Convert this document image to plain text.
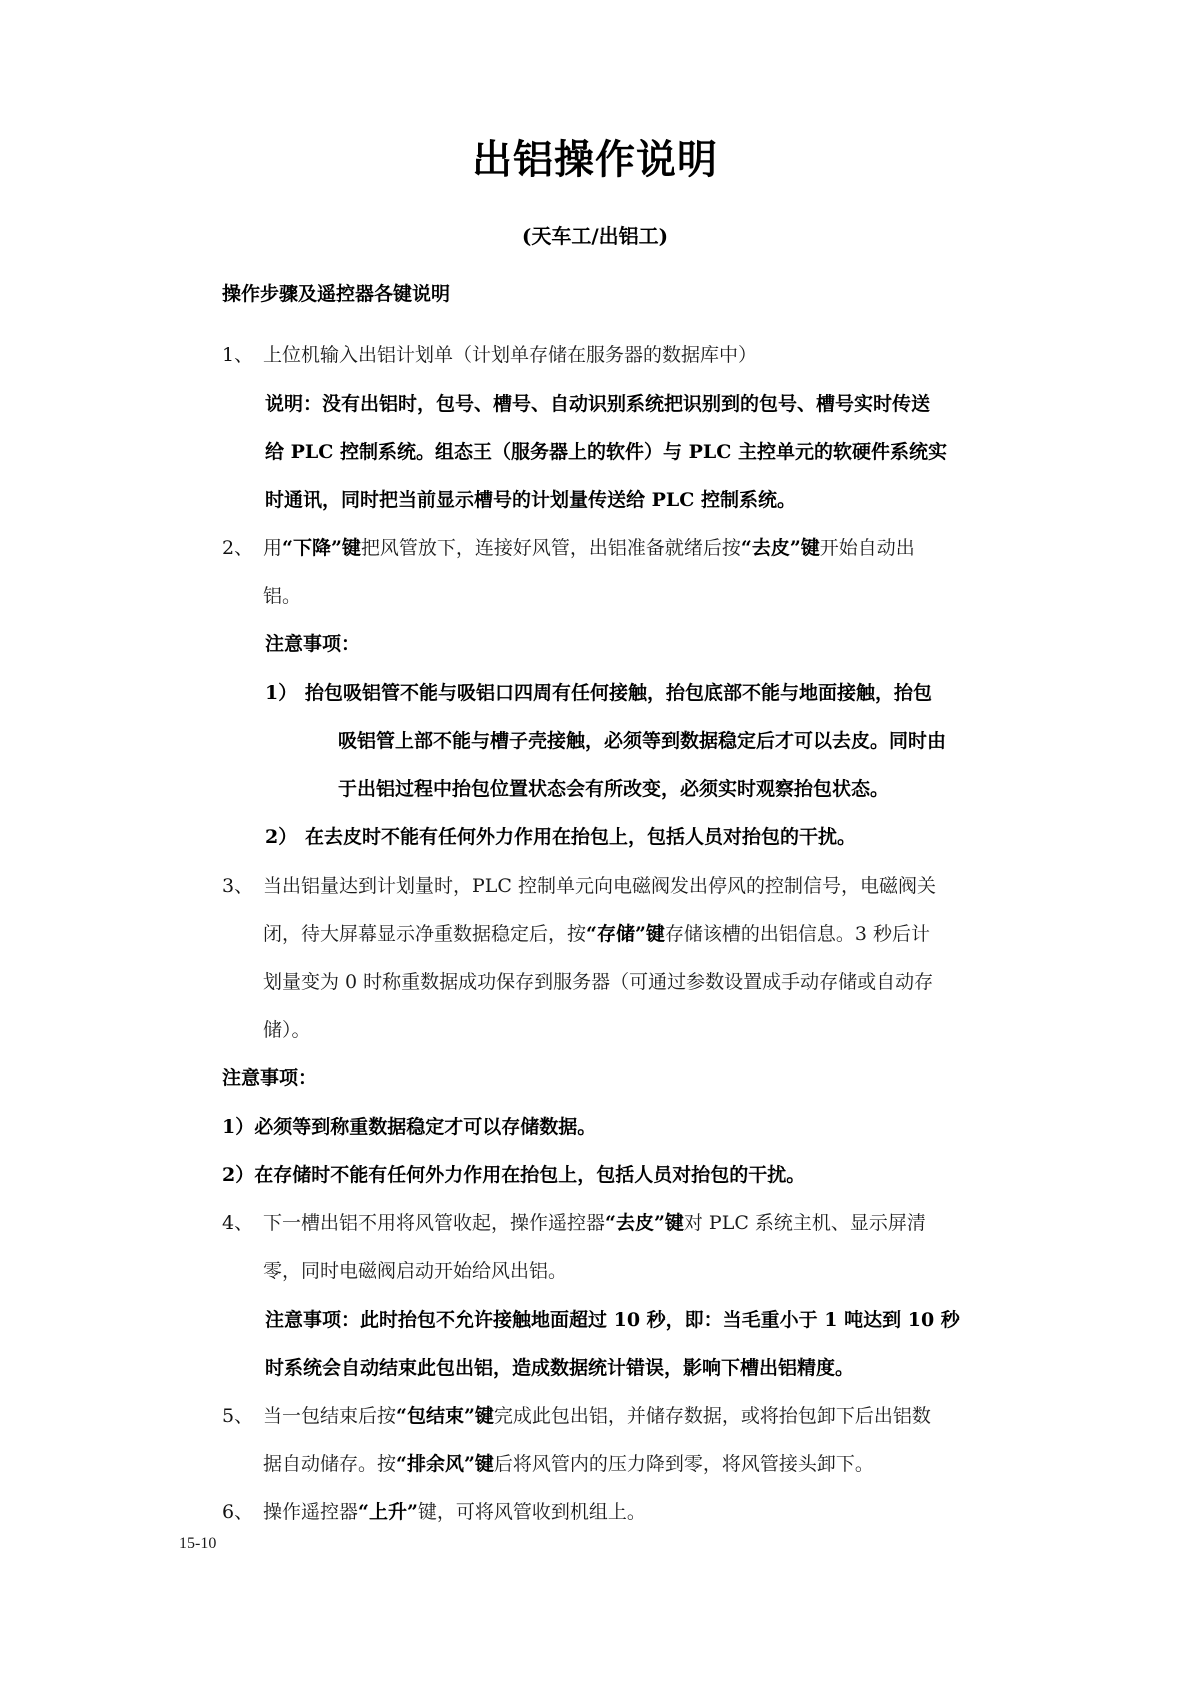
出铝操作说明
(天车工/出铝工)
操作步骤及遥控器各键说明
1、 上位机输入出铝计划单（计划单存储在服务器的数据库中）
说明：没有出铝时，包号、槽号、自动识别系统把识别到的包号、槽号实时传送
给 PLC 控制系统。组态王（服务器上的软件）与 PLC 主控单元的软硬件系统实
时通讯，同时把当前显示槽号的计划量传送给 PLC 控制系统。
2、 用“下降”键把风管放下，连接好风管，出铝准备就绪后按“去皮”键开始自动出
铝。
注意事项：
1） 抬包吸铝管不能与吸铝口四周有任何接触，抬包底部不能与地面接触，抬包
吸铝管上部不能与槽子壳接触，必须等到数据稳定后才可以去皮。同时由
于出铝过程中抬包位置状态会有所改变，必须实时观察抬包状态。
2） 在去皮时不能有任何外力作用在抬包上，包括人员对抬包的干扰。
3、 当出铝量达到计划量时，PLC 控制单元向电磁阀发出停风的控制信号，电磁阀关
闭，待大屏幕显示净重数据稳定后，按“存储”键存储该槽的出铝信息。3 秒后计
划量变为 0 时称重数据成功保存到服务器（可通过参数设置成手动存储或自动存
储）。
注意事项：
1）必须等到称重数据稳定才可以存储数据。
2）在存储时不能有任何外力作用在抬包上，包括人员对抬包的干扰。
4、 下一槽出铝不用将风管收起，操作遥控器“去皮”键对 PLC 系统主机、显示屏清
零，同时电磁阀启动开始给风出铝。
注意事项：此时抬包不允许接触地面超过 10 秒，即：当毛重小于 1 吨达到 10 秒
时系统会自动结束此包出铝，造成数据统计错误，影响下槽出铝精度。
5、 当一包结束后按“包结束”键完成此包出铝，并储存数据，或将抬包卸下后出铝数
据自动储存。按“排余风”键后将风管内的压力降到零，将风管接头卸下。
6、 操作遥控器“上升”键，可将风管收到机组上。
15-10
